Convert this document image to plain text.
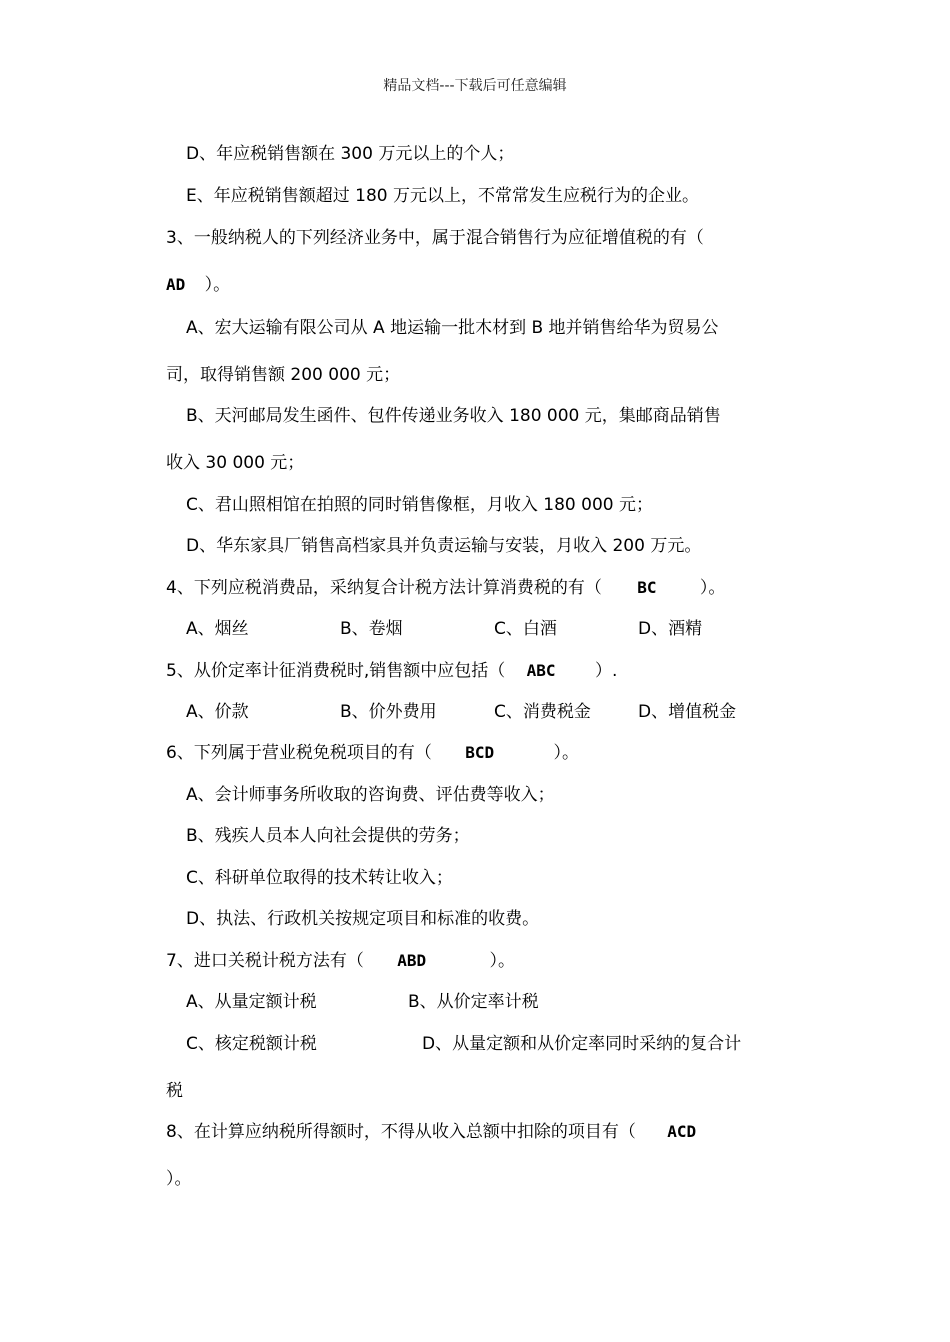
精品文档---下载后可任意编辑
D、年应税销售额在 300 万元以上的个人；
E、年应税销售额超过 180 万元以上，不常常发生应税行为的企业。
3、一般纳税人的下列经济业务中，属于混合销售行为应征增值税的有（
AD ）。
A、宏大运输有限公司从 A 地运输一批木材到 B 地并销售给华为贸易公
司，取得销售额 200 000 元；
B、天河邮局发生函件、包件传递业务收入 180 000 元，集邮商品销售
收入 30 000 元；
C、君山照相馆在拍照的同时销售像框，月收入 180 000 元；
D、华东家具厂销售高档家具并负责运输与安装，月收入 200 万元。
4、下列应税消费品，采纳复合计税方法计算消费税的有（ BC	）。
A、烟丝	B、卷烟	C、白酒	D、酒精
5、从价定率计征消费税时,销售额中应包括（ ABC ）.
A、价款	B、价外费用	C、消费税金	D、增值税金
6、下列属于营业税免税项目的有（ BCD	）。
A、会计师事务所收取的咨询费、评估费等收入；
B、残疾人员本人向社会提供的劳务；
C、科研单位取得的技术转让收入；
D、执法、行政机关按规定项目和标准的收费。
7、进口关税计税方法有（ ABD	）。
A、从量定额计税	B、从价定率计税
C、核定税额计税	D、从量定额和从价定率同时采纳的复合计
税
8、在计算应纳税所得额时，不得从收入总额中扣除的项目有（ ACD
）。
